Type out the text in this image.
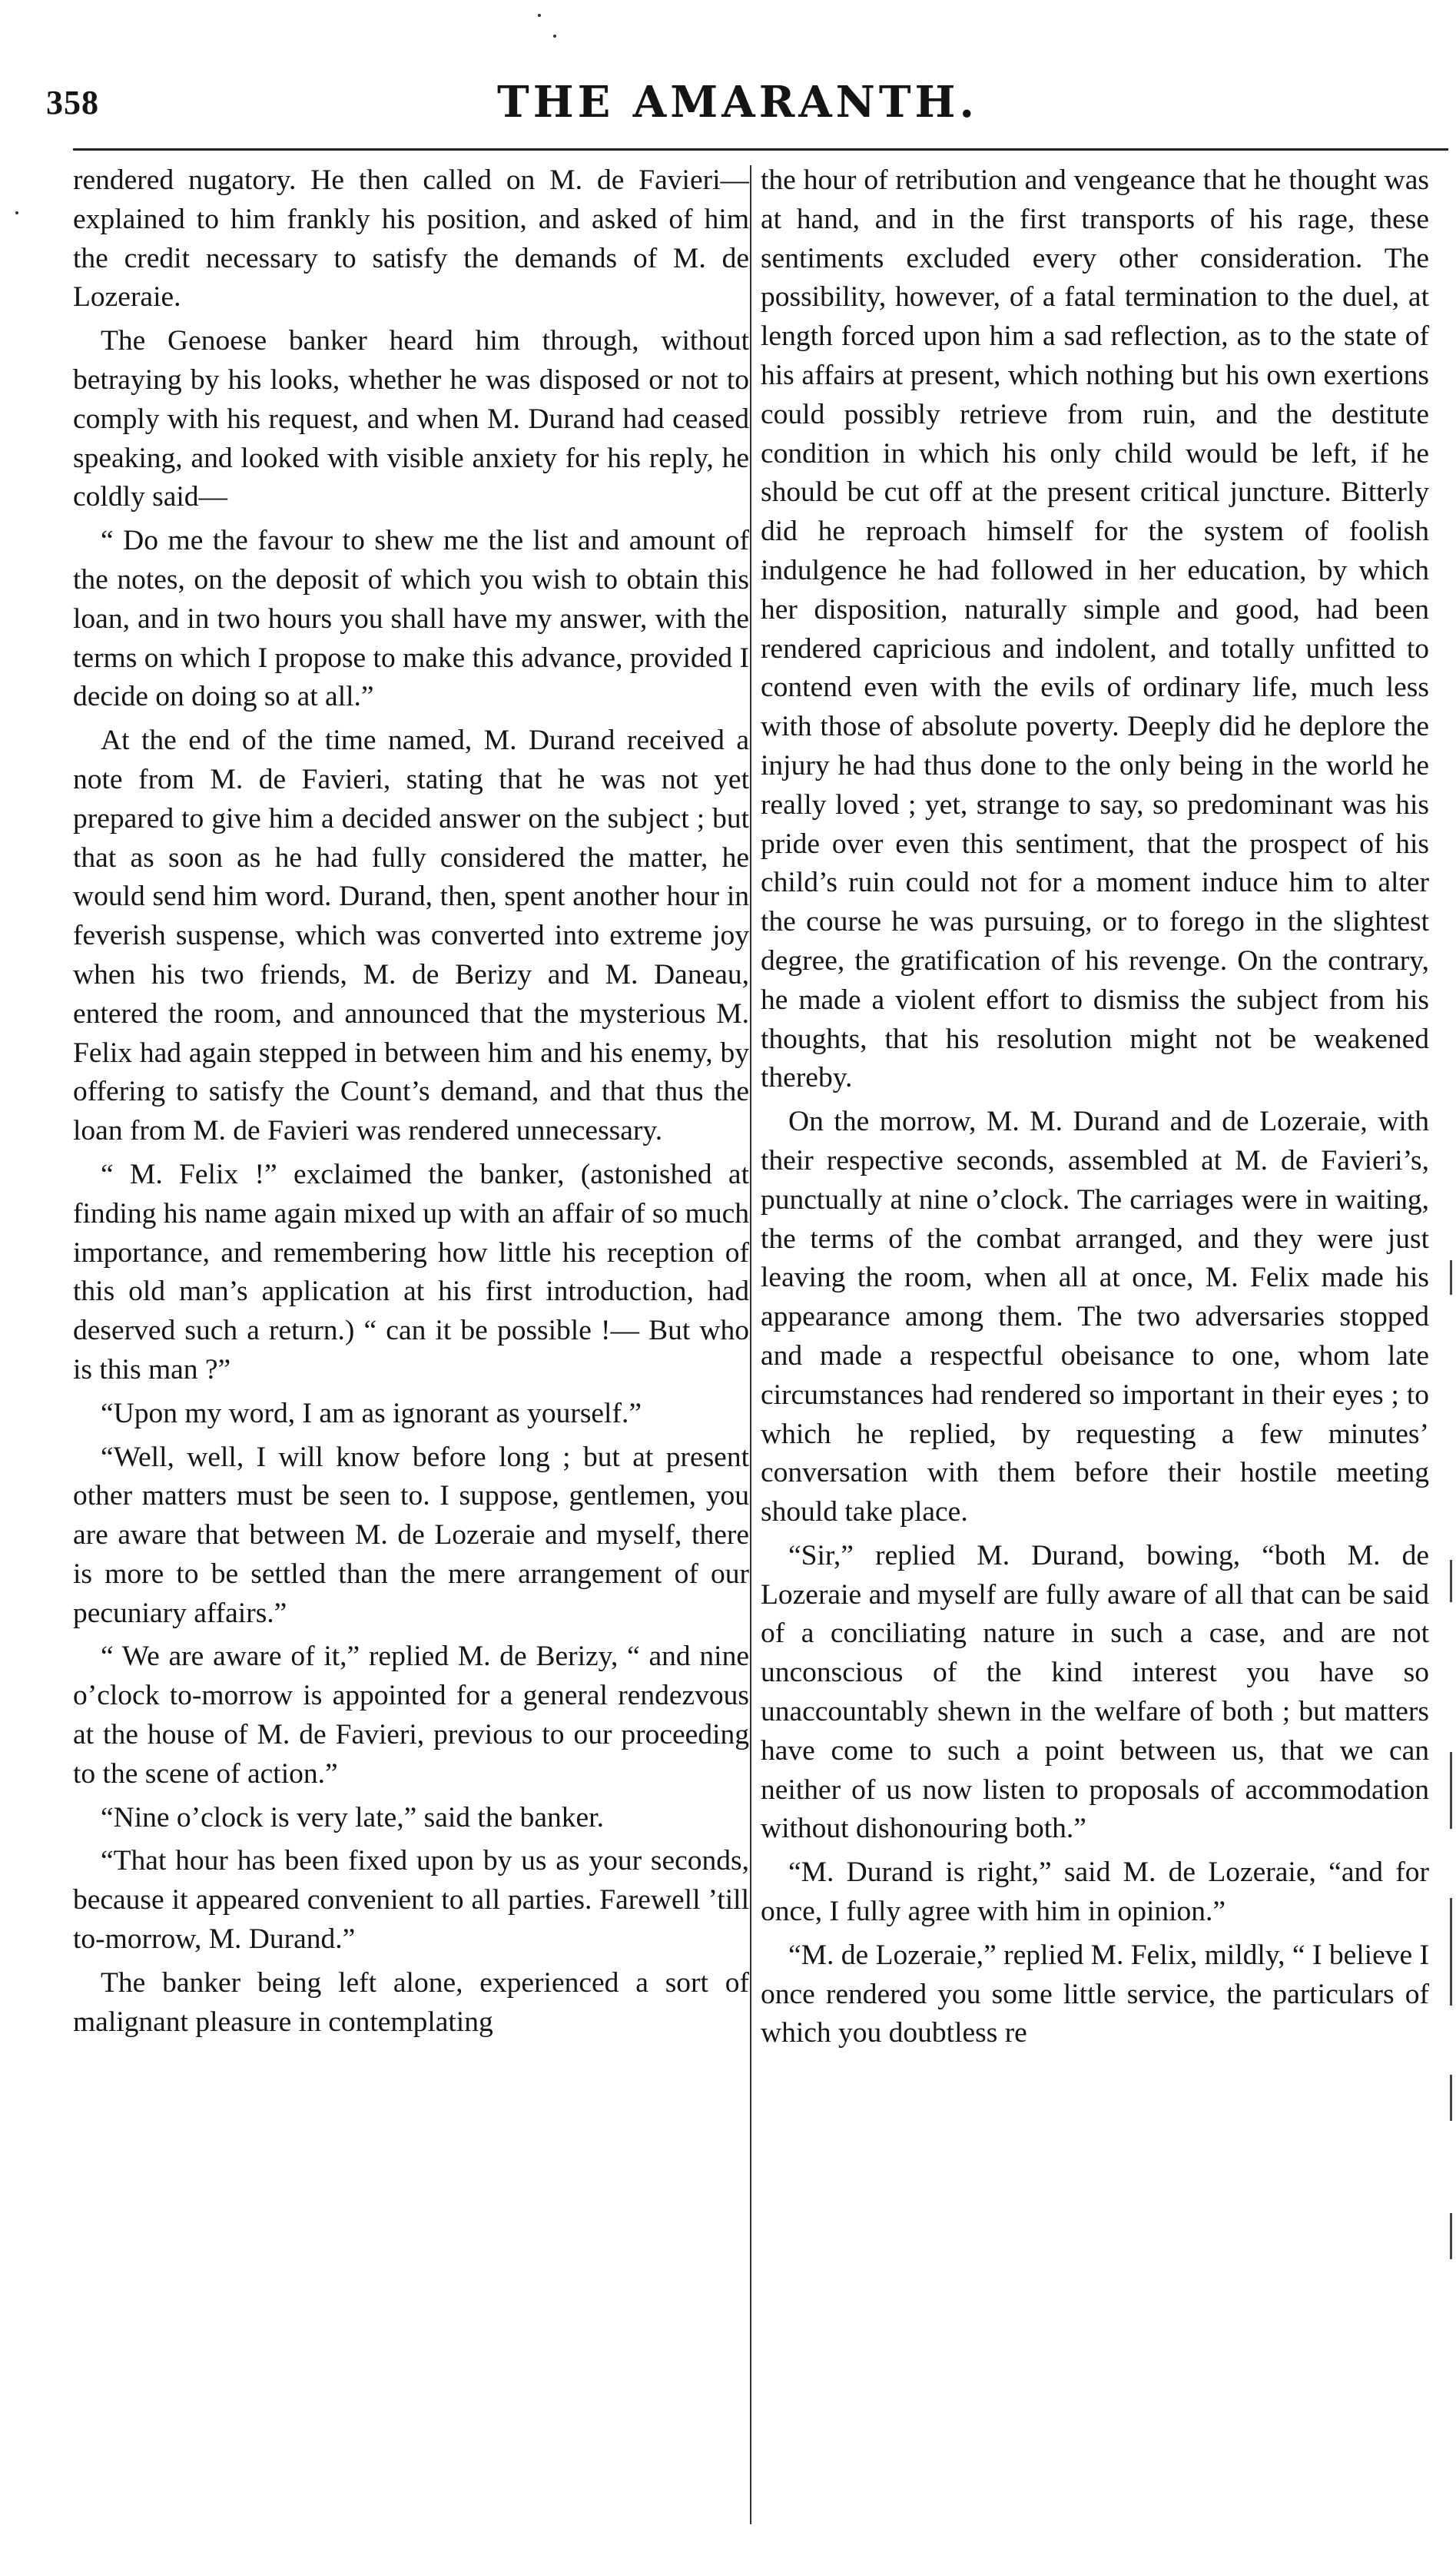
358	THE AMARANTH.

rendered nugatory. He then called on M. de Favieri—explained to him frankly his position, and asked of him the credit necessary to satisfy the demands of M. de Lozeraie.

The Genoese banker heard him through, without betraying by his looks, whether he was disposed or not to comply with his request, and when M. Durand had ceased speaking, and looked with visible anxiety for his reply, he coldly said—

“ Do me the favour to shew me the list and amount of the notes, on the deposit of which you wish to obtain this loan, and in two hours you shall have my answer, with the terms on which I propose to make this advance, provided I decide on doing so at all.”

At the end of the time named, M. Durand received a note from M. de Favieri, stating that he was not yet prepared to give him a decided answer on the subject ; but that as soon as he had fully considered the matter, he would send him word. Durand, then, spent another hour in feverish suspense, which was converted into extreme joy when his two friends, M. de Berizy and M. Daneau, entered the room, and announced that the mysterious M. Felix had again stepped in between him and his enemy, by offering to satisfy the Count’s demand, and that thus the loan from M. de Favieri was rendered unnecessary.

“ M. Felix !” exclaimed the banker, (astonished at finding his name again mixed up with an affair of so much importance, and remembering how little his reception of this old man’s application at his first introduction, had deserved such a return.) “ can it be possible !— But who is this man ?”

“Upon my word, I am as ignorant as yourself.”

“Well, well, I will know before long ; but at present other matters must be seen to. I suppose, gentlemen, you are aware that between M. de Lozeraie and myself, there is more to be settled than the mere arrangement of our pecuniary affairs.”

“ We are aware of it,” replied M. de Berizy, “ and nine o’clock to-morrow is appointed for a general rendezvous at the house of M. de Favieri, previous to our proceeding to the scene of action.”

“Nine o’clock is very late,” said the banker.

“That hour has been fixed upon by us as your seconds, because it appeared convenient to all parties. Farewell ’till to-morrow, M. Durand.”

The banker being left alone, experienced a sort of malignant pleasure in contemplating

the hour of retribution and vengeance that he thought was at hand, and in the first transports of his rage, these sentiments excluded every other consideration. The possibility, however, of a fatal termination to the duel, at length forced upon him a sad reflection, as to the state of his affairs at present, which nothing but his own exertions could possibly retrieve from ruin, and the destitute condition in which his only child would be left, if he should be cut off at the present critical juncture. Bitterly did he reproach himself for the system of foolish indulgence he had followed in her education, by which her disposition, naturally simple and good, had been rendered capricious and indolent, and totally unfitted to contend even with the evils of ordinary life, much less with those of absolute poverty. Deeply did he deplore the injury he had thus done to the only being in the world he really loved ; yet, strange to say, so predominant was his pride over even this sentiment, that the prospect of his child’s ruin could not for a moment induce him to alter the course he was pursuing, or to forego in the slightest degree, the gratification of his revenge. On the contrary, he made a violent effort to dismiss the subject from his thoughts, that his resolution might not be weakened thereby.

On the morrow, M. M. Durand and de Lozeraie, with their respective seconds, assembled at M. de Favieri’s, punctually at nine o’clock. The carriages were in waiting, the terms of the combat arranged, and they were just leaving the room, when all at once, M. Felix made his appearance among them. The two adversaries stopped and made a respectful obeisance to one, whom late circumstances had rendered so important in their eyes ; to which he replied, by requesting a few minutes’ conversation with them before their hostile meeting should take place.

“Sir,” replied M. Durand, bowing, “both M. de Lozeraie and myself are fully aware of all that can be said of a conciliating nature in such a case, and are not unconscious of the kind interest you have so unaccountably shewn in the welfare of both ; but matters have come to such a point between us, that we can neither of us now listen to proposals of accommodation without dishonouring both.”

“M. Durand is right,” said M. de Lozeraie, “and for once, I fully agree with him in opinion.”

“M. de Lozeraie,” replied M. Felix, mildly, “ I believe I once rendered you some little service, the particulars of which you doubtless re
